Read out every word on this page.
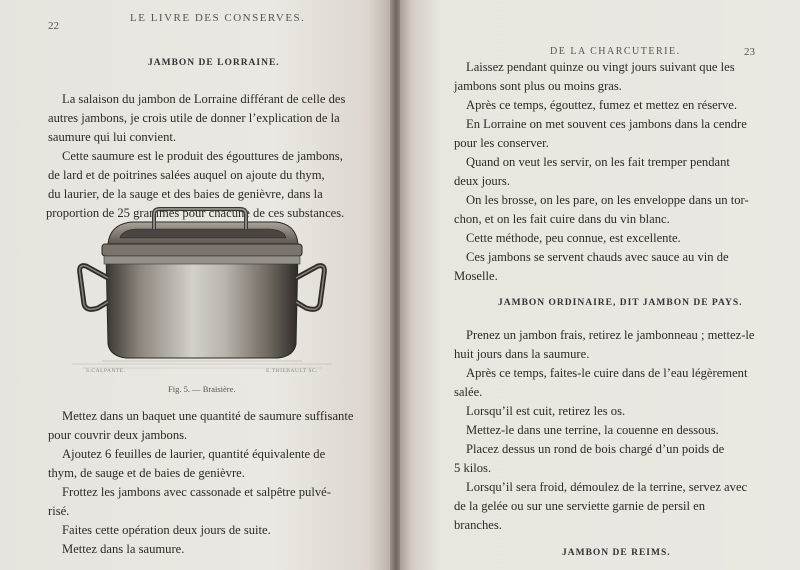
22
LE LIVRE DES CONSERVES.
JAMBON DE LORRAINE.
La salaison du jambon de Lorraine différant de celle des
autres jambons, je crois utile de donner l’explication de la
saumure qui lui convient.
Cette saumure est le produit des égouttures de jambons,
de lard et de poitrines salées auquel on ajoute du thym,
du laurier, de la sauge et des baies de genièvre, dans la
proportion de 25 grammes pour chacune de ces substances.
S.CALPANTE.	E.THIEBAULT SC.
Fig. 5. — Braisière.
Mettez dans un baquet une quantité de saumure suffisante
pour couvrir deux jambons.
Ajoutez 6 feuilles de laurier, quantité équivalente de
thym, de sauge et de baies de genièvre.
Frottez les jambons avec cassonade et salpêtre pulvé-
risé.
Faites cette opération deux jours de suite.
Mettez dans la saumure.
DE LA CHARCUTERIE.	23
Laissez pendant quinze ou vingt jours suivant que les
jambons sont plus ou moins gras.
Après ce temps, égouttez, fumez et mettez en réserve.
En Lorraine on met souvent ces jambons dans la cendre
pour les conserver.
Quand on veut les servir, on les fait tremper pendant
deux jours.
On les brosse, on les pare, on les enveloppe dans un tor-
chon, et on les fait cuire dans du vin blanc.
Cette méthode, peu connue, est excellente.
Ces jambons se servent chauds avec sauce au vin de
Moselle.
JAMBON ORDINAIRE, DIT JAMBON DE PAYS.
Prenez un jambon frais, retirez le jambonneau ; mettez-le
huit jours dans la saumure.
Après ce temps, faites-le cuire dans de l’eau légèrement
salée.
Lorsqu’il est cuit, retirez les os.
Mettez-le dans une terrine, la couenne en dessous.
Placez dessus un rond de bois chargé d’un poids de
5 kilos.
Lorsqu’il sera froid, démoulez de la terrine, servez avec
de la gelée ou sur une serviette garnie de persil en
branches.
JAMBON DE REIMS.
